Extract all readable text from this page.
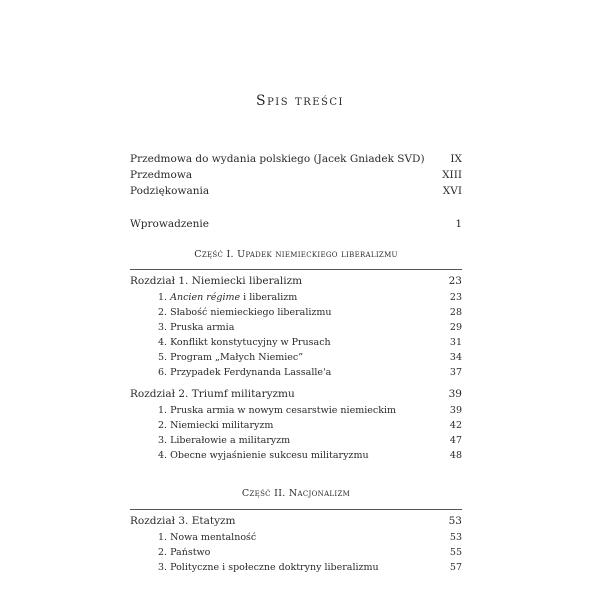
Spis treści
Przedmowa do wydania polskiego (Jacek Gniadek SVD) IX
Przedmowa	XIII
Podziękowania	XVI
Wprowadzenie	1
Część I. Upadek niemieckiego liberalizmu
Rozdział 1. Niemiecki liberalizm	23
1. Ancien régime i liberalizm	23
2. Słabość niemieckiego liberalizmu	28
3. Pruska armia	29
4. Konflikt konstytucyjny w Prusach	31
5. Program „Małych Niemiec”	34
6. Przypadek Ferdynanda Lassalle'a	37
Rozdział 2. Triumf militaryzmu	39
1. Pruska armia w nowym cesarstwie niemieckim	39
2. Niemiecki militaryzm	42
3. Liberałowie a militaryzm	47
4. Obecne wyjaśnienie sukcesu militaryzmu	48
Część II. Nacjonalizm
Rozdział 3. Etatyzm	53
1. Nowa mentalność	53
2. Państwo	55
3. Polityczne i społeczne doktryny liberalizmu	57
